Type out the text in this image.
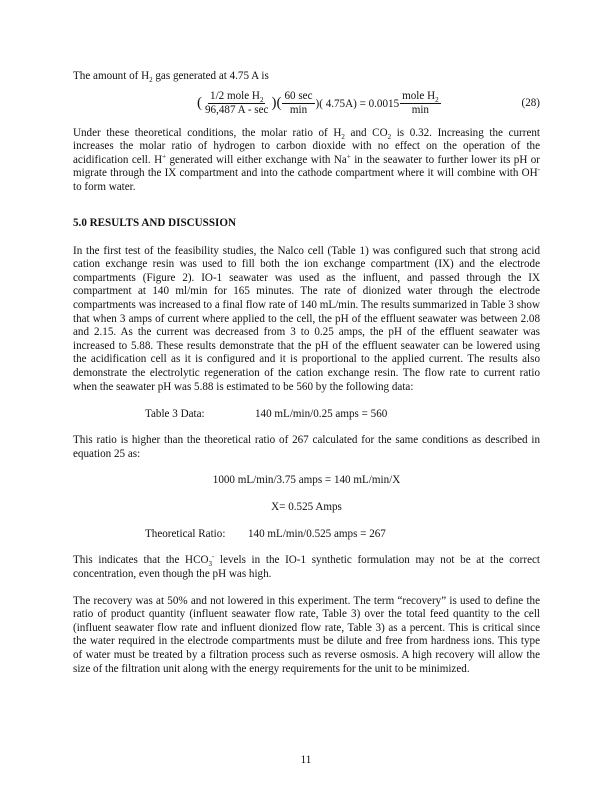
The amount of $H_2$ gas generated at 4.75 A is

( $\frac{1/2 mole H_2}{96,487 A - \sec}$ )( $\frac{60 \sec}{\min}$ )( $4.75A) = 0.0015 \frac{mole H_2}{\min}$	(28)

Under these theoretical conditions, the molar ratio of $H_2$ and $CO_2$ is 0.32. Increasing the current increases the molar ratio of hydrogen to carbon dioxide with no effect on the operation of the acidification cell. H+ generated will either exchange with Na+ in the seawater to further lower its pH or migrate through the IX compartment and into the cathode compartment where it will combine with OH- to form water.

5.0 RESULTS AND DISCUSSION

In the first test of the feasibility studies, the Nalco cell (Table 1) was configured such that strong acid cation exchange resin was used to fill both the ion exchange compartment (IX) and the electrode compartments (Figure 2). IO-1 seawater was used as the influent, and passed through the IX compartment at 140 ml/min for 165 minutes. The rate of dionized water through the electrode compartments was increased to a final flow rate of 140 mL/min. The results summarized in Table 3 show that when 3 amps of current where applied to the cell, the pH of the effluent seawater was between 2.08 and 2.15. As the current was decreased from 3 to 0.25 amps, the pH of the effluent seawater was increased to 5.88. These results demonstrate that the pH of the effluent seawater can be lowered using the acidification cell as it is configured and it is proportional to the applied current. The results also demonstrate the electrolytic regeneration of the cation exchange resin. The flow rate to current ratio when the seawater pH was 5.88 is estimated to be 560 by the following data:

Table 3 Data:	140 mL/min/0.25 amps = 560

This ratio is higher than the theoretical ratio of 267 calculated for the same conditions as described in equation 25 as:

1000 mL/min/3.75 amps = 140 mL/min/X

X= 0.525 Amps

Theoretical Ratio: 140 mL/min/0.525 amps = 267

This indicates that the $HCO_3^-$ levels in the IO-1 synthetic formulation may not be at the correct concentration, even though the pH was high.

The recovery was at 50% and not lowered in this experiment. The term “recovery” is used to define the ratio of product quantity (influent seawater flow rate, Table 3) over the total feed quantity to the cell (influent seawater flow rate and influent dionized flow rate, Table 3) as a percent. This is critical since the water required in the electrode compartments must be dilute and free from hardness ions. This type of water must be treated by a filtration process such as reverse osmosis. A high recovery will allow the size of the filtration unit along with the energy requirements for the unit to be minimized.

11
